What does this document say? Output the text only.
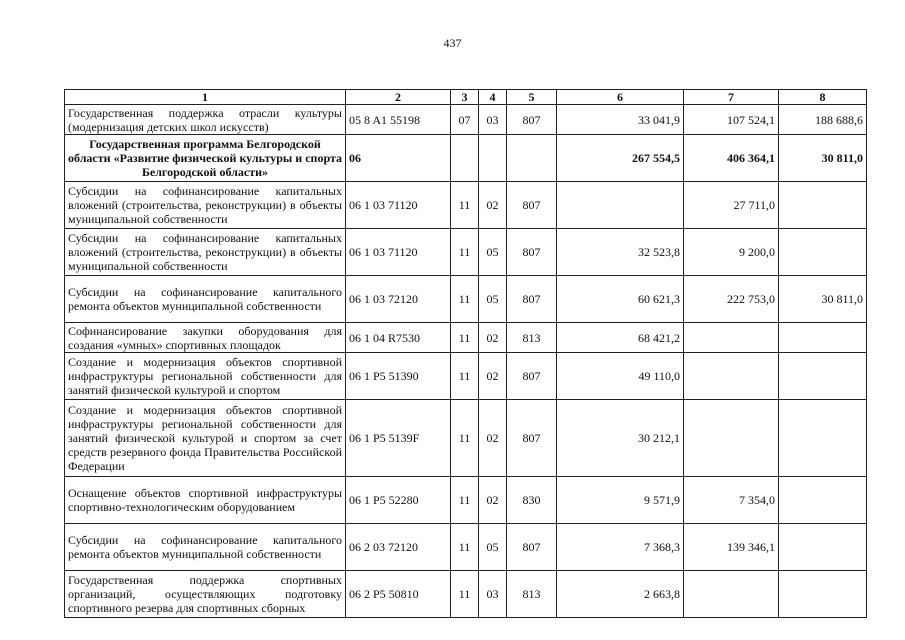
437
1	2	3	4	5	6	7	8
Государственная поддержка отрасли культуры (модернизация детских школ искусств)	05 8 A1 55198	07	03	807	33 041,9	107 524,1	188 688,6
Государственная программа Белгородской области «Развитие физической культуры и спорта Белгородской области»	06				267 554,5	406 364,1	30 811,0
Субсидии на софинансирование капитальных вложений (строительства, реконструкции) в объекты муниципальной собственности	06 1 03 71120	11	02	807		27 711,0	
Субсидии на софинансирование капитальных вложений (строительства, реконструкции) в объекты муниципальной собственности	06 1 03 71120	11	05	807	32 523,8	9 200,0	
Субсидии на софинансирование капитального ремонта объектов муниципальной собственности	06 1 03 72120	11	05	807	60 621,3	222 753,0	30 811,0
Софинансирование закупки оборудования для создания «умных» спортивных площадок	06 1 04 R7530	11	02	813	68 421,2		
Создание и модернизация объектов спортивной инфраструктуры региональной собственности для занятий физической культурой и спортом	06 1 P5 51390	11	02	807	49 110,0		
Создание и модернизация объектов спортивной инфраструктуры региональной собственности для занятий физической культурой и спортом за счет средств резервного фонда Правительства Российской Федерации	06 1 P5 5139F	11	02	807	30 212,1		
Оснащение объектов спортивной инфраструктуры спортивно-технологическим оборудованием	06 1 P5 52280	11	02	830	9 571,9	7 354,0	
Субсидии на софинансирование капитального ремонта объектов муниципальной собственности	06 2 03 72120	11	05	807	7 368,3	139 346,1	
Государственная поддержка спортивных организаций, осуществляющих подготовку спортивного резерва для спортивных сборных	06 2 P5 50810	11	03	813	2 663,8		
